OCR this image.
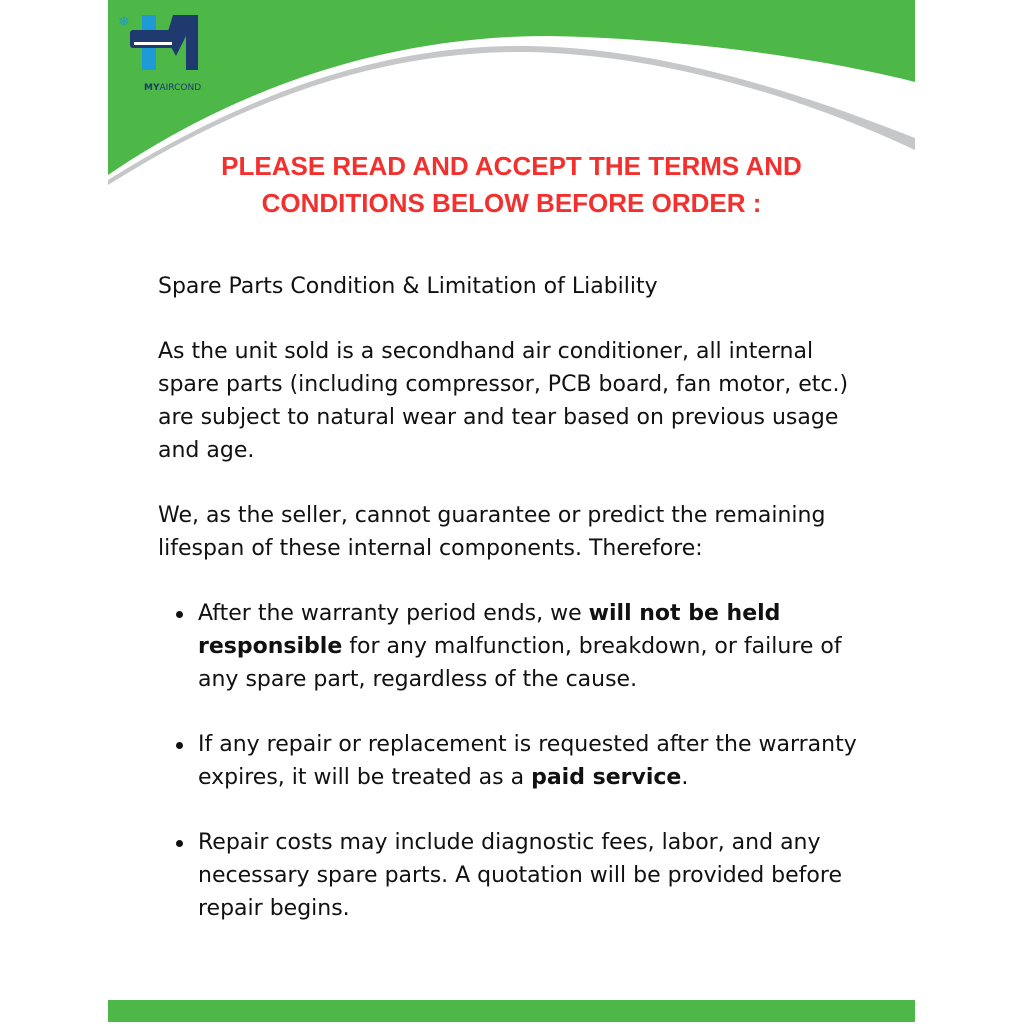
❄
MYAIRCOND
PLEASE READ AND ACCEPT THE TERMS AND
CONDITIONS BELOW BEFORE ORDER :

Spare Parts Condition & Limitation of Liability

As the unit sold is a secondhand air conditioner, all internal spare parts (including compressor, PCB board, fan motor, etc.) are subject to natural wear and tear based on previous usage and age.

We, as the seller, cannot guarantee or predict the remaining lifespan of these internal components. Therefore:

After the warranty period ends, we will not be held responsible for any malfunction, breakdown, or failure of any spare part, regardless of the cause.
If any repair or replacement is requested after the warranty expires, it will be treated as a paid service.
Repair costs may include diagnostic fees, labor, and any necessary spare parts. A quotation will be provided before repair begins.
